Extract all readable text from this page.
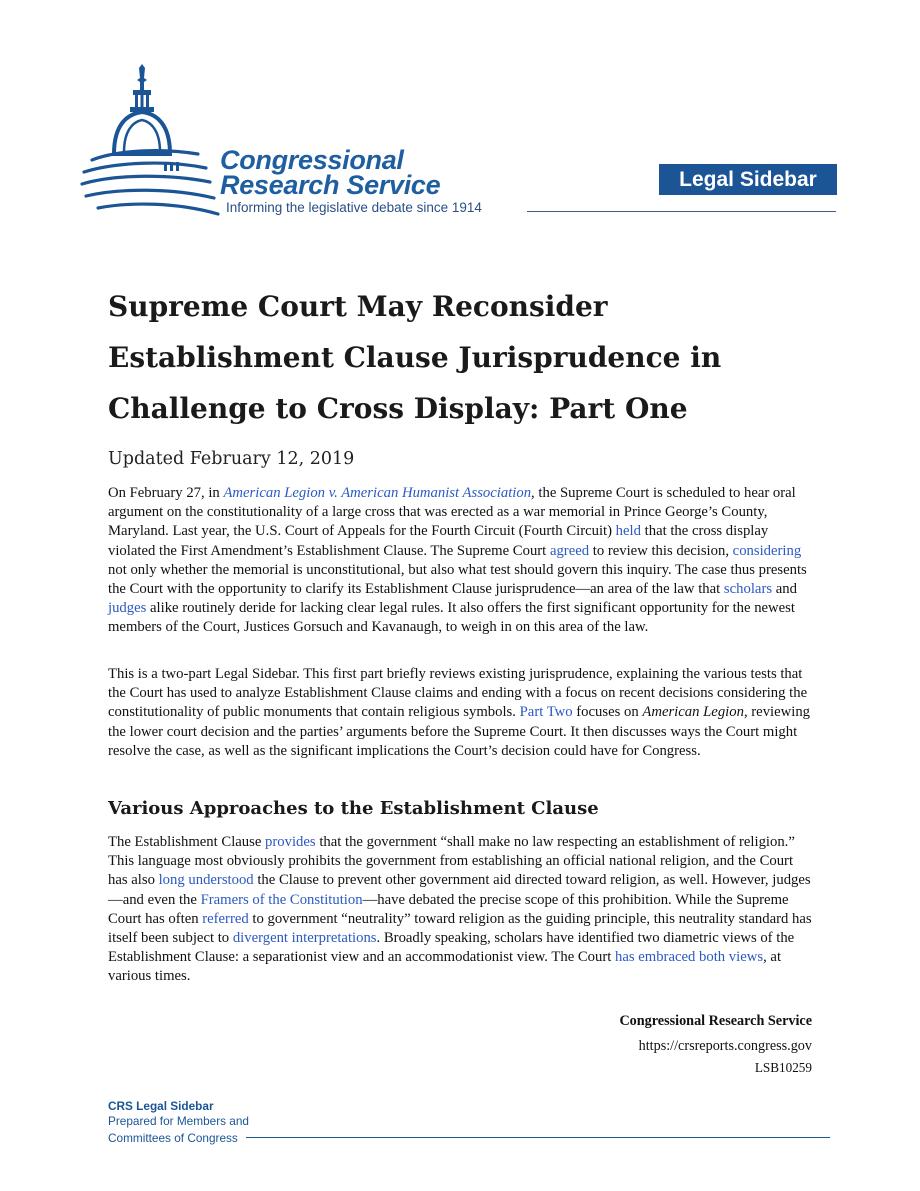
Congressional
Research Service
Informing the legislative debate since 1914
Legal Sidebar
Supreme Court May Reconsider Establishment Clause Jurisprudence in Challenge to Cross Display: Part One
Updated February 12, 2019

On February 27, in American Legion v. American Humanist Association, the Supreme Court is scheduled to hear oral argument on the constitutionality of a large cross that was erected as a war memorial in Prince George’s County, Maryland. Last year, the U.S. Court of Appeals for the Fourth Circuit (Fourth Circuit) held that the cross display violated the First Amendment’s Establishment Clause. The Supreme Court agreed to review this decision, considering not only whether the memorial is unconstitutional, but also what test should govern this inquiry. The case thus presents the Court with the opportunity to clarify its Establishment Clause jurisprudence—an area of the law that scholars and judges alike routinely deride for lacking clear legal rules. It also offers the first significant opportunity for the newest members of the Court, Justices Gorsuch and Kavanaugh, to weigh in on this area of the law.

This is a two-part Legal Sidebar. This first part briefly reviews existing jurisprudence, explaining the various tests that the Court has used to analyze Establishment Clause claims and ending with a focus on recent decisions considering the constitutionality of public monuments that contain religious symbols. Part Two focuses on American Legion, reviewing the lower court decision and the parties’ arguments before the Supreme Court. It then discusses ways the Court might resolve the case, as well as the significant implications the Court’s decision could have for Congress.

Various Approaches to the Establishment Clause

The Establishment Clause provides that the government “shall make no law respecting an establishment of religion.” This language most obviously prohibits the government from establishing an official national religion, and the Court has also long understood the Clause to prevent other government aid directed toward religion, as well. However, judges—and even the Framers of the Constitution—have debated the precise scope of this prohibition. While the Supreme Court has often referred to government “neutrality” toward religion as the guiding principle, this neutrality standard has itself been subject to divergent interpretations. Broadly speaking, scholars have identified two diametric views of the Establishment Clause: a separationist view and an accommodationist view. The Court has embraced both views, at various times.

Congressional Research Service
https://crsreports.congress.gov
LSB10259
CRS Legal Sidebar
Prepared for Members and
Committees of Congress
